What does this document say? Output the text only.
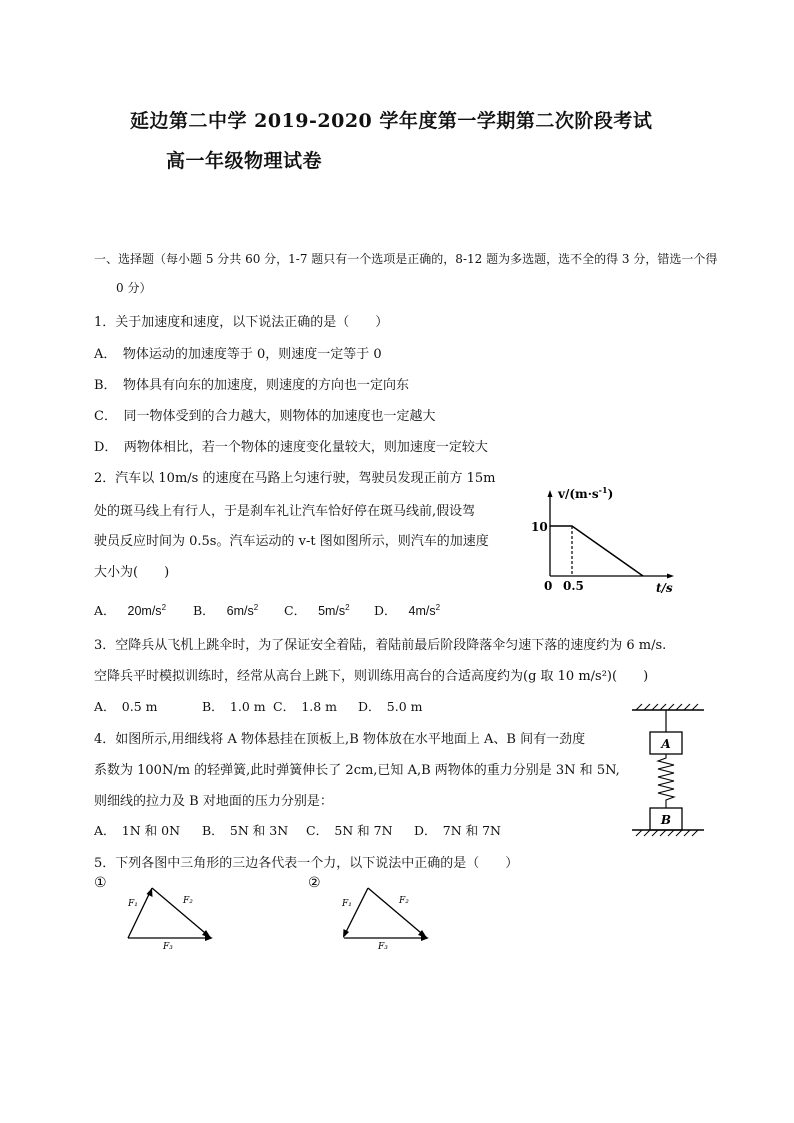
延边第二中学 2019-2020 学年度第一学期第二次阶段考试
高一年级物理试卷
一、选择题（每小题 5 分共 60 分，1-7 题只有一个选项是正确的，8-12 题为多选题，选不全的得 3 分，错选一个得
0 分）
1．关于加速度和速度，以下说法正确的是（　　）
A．　物体运动的加速度等于 0，则速度一定等于 0
B．　物体具有向东的加速度，则速度的方向也一定向东
C．　同一物体受到的合力越大，则物体的加速度也一定越大
D．　两物体相比，若一个物体的速度变化量较大，则加速度一定较大
2．汽车以 10m/s 的速度在马路上匀速行驶，驾驶员发现正前方 15m
处的斑马线上有行人，于是刹车礼让汽车恰好停在斑马线前,假设驾
驶员反应时间为 0.5s。汽车运动的 v-t 图如图所示，则汽车的加速度
大小为(　　)
A． $20m/s^2$ B． $6m/s^2$ C． $5m/s^2$ D． $4m/s^2$
10
0 0.5	t/s
$v/(m\cdot s^{-1})$
3．空降兵从飞机上跳伞时，为了保证安全着陆，着陆前最后阶段降落伞匀速下落的速度约为 6 m/s.
空降兵平时模拟训练时，经常从高台上跳下，则训练用高台的合适高度约为(g 取 10 m/s²)(　　)
A．　0.5 m	B．　1.0 m C．　1.8 m D．　5.0 m
4．如图所示,用细线将 A 物体悬挂在顶板上,B 物体放在水平地面上 A、B 间有一劲度
系数为 100N/m 的轻弹簧,此时弹簧伸长了 2cm,已知 A,B 两物体的重力分别是 3N 和 5N,
则细线的拉力及 B 对地面的压力分别是：
A．　1N 和 0N B．　5N 和 3N C．　5N 和 7N D．　7N 和 7N
A
B
5．下列各图中三角形的三边各代表一个力，以下说法中正确的是（　　）
①
F₁	F₂
F₃
②
F₁	F₂
F₃
